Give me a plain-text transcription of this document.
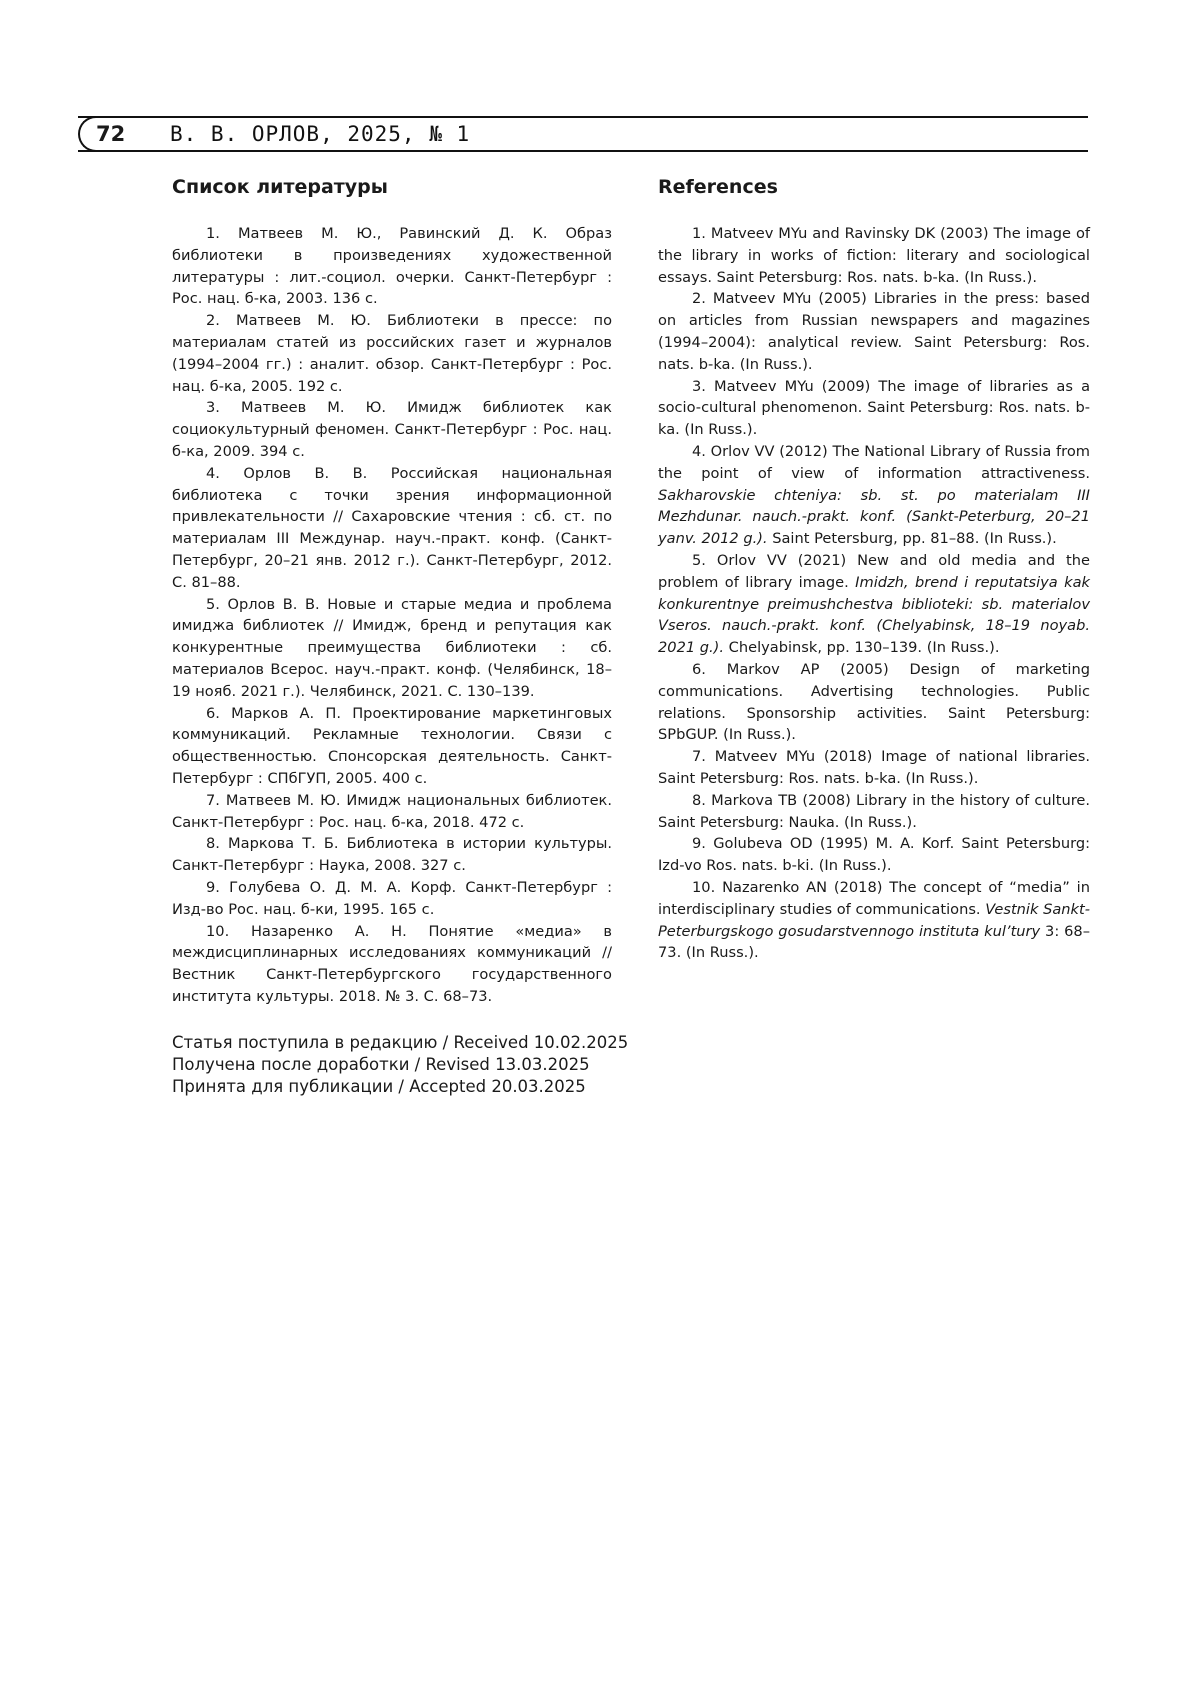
72	В. В. ОРЛОВ, 2025, № 1
Список литературы

1. Матвеев М. Ю., Равинский Д. К. Образ библиотеки в произведениях художественной литературы : лит.-социол. очерки. Санкт-Петербург : Рос. нац. б-ка, 2003. 136 с.

2. Матвеев М. Ю. Библиотеки в прессе: по материалам статей из российских газет и журналов (1994–2004 гг.) : аналит. обзор. Санкт-Петербург : Рос. нац. б-ка, 2005. 192 с.

3. Матвеев М. Ю. Имидж библиотек как социокультурный феномен. Санкт-Петербург : Рос. нац. б-ка, 2009. 394 с.

4. Орлов В. В. Российская национальная библиотека с точки зрения информационной привлекательности // Сахаровские чтения : сб. ст. по материалам III Междунар. науч.-практ. конф. (Санкт-Петербург, 20–21 янв. 2012 г.). Санкт-Петербург, 2012. С. 81–88.

5. Орлов В. В. Новые и старые медиа и проблема имиджа библиотек // Имидж, бренд и репутация как конкурентные преимущества библиотеки : сб. материалов Всерос. науч.-практ. конф. (Челябинск, 18–19 нояб. 2021 г.). Челябинск, 2021. С. 130–139.

6. Марков А. П. Проектирование маркетинговых коммуникаций. Рекламные технологии. Связи с общественностью. Спонсорская деятельность. Санкт-Петербург : СПбГУП, 2005. 400 с.

7. Матвеев М. Ю. Имидж национальных библиотек. Санкт-Петербург : Рос. нац. б-ка, 2018. 472 с.

8. Маркова Т. Б. Библиотека в истории культуры. Санкт-Петербург : Наука, 2008. 327 с.

9. Голубева О. Д. М. А. Корф. Санкт-Петербург : Изд-во Рос. нац. б-ки, 1995. 165 с.

10. Назаренко А. Н. Понятие «медиа» в междисциплинарных исследованиях коммуникаций // Вестник Санкт-Петербургского государственного института культуры. 2018. № 3. С. 68–73.

References

1. Matveev MYu and Ravinsky DK (2003) The image of the library in works of fiction: literary and sociological essays. Saint Petersburg: Ros. nats. b-ka. (In Russ.).

2. Matveev MYu (2005) Libraries in the press: based on articles from Russian newspapers and magazines (1994–2004): analytical review. Saint Petersburg: Ros. nats. b-ka. (In Russ.).

3. Matveev MYu (2009) The image of libraries as a socio-cultural phenomenon. Saint Petersburg: Ros. nats. b-ka. (In Russ.).

4. Orlov VV (2012) The National Library of Russia from the point of view of information attractiveness. Sakharovskie chteniya: sb. st. po materialam III Mezhdunar. nauch.-prakt. konf. (Sankt-Peterburg, 20–21 yanv. 2012 g.). Saint Petersburg, pp. 81–88. (In Russ.).

5. Orlov VV (2021) New and old media and the problem of library image. Imidzh, brend i reputatsiya kak konkurentnye preimushchestva biblioteki: sb. materialov Vseros. nauch.-prakt. konf. (Chelyabinsk, 18–19 noyab. 2021 g.). Chelyabinsk, pp. 130–139. (In Russ.).

6. Markov AP (2005) Design of marketing communications. Advertising technologies. Public relations. Sponsorship activities. Saint Petersburg: SPbGUP. (In Russ.).

7. Matveev MYu (2018) Image of national libraries. Saint Petersburg: Ros. nats. b-ka. (In Russ.).

8. Markova TB (2008) Library in the history of culture. Saint Petersburg: Nauka. (In Russ.).

9. Golubeva OD (1995) M. A. Korf. Saint Petersburg: Izd-vo Ros. nats. b-ki. (In Russ.).

10. Nazarenko AN (2018) The concept of “media” in interdisciplinary studies of communications. Vestnik Sankt-Peterburgskogo gosudarstvennogo instituta kul’tury 3: 68–73. (In Russ.).

Статья поступила в редакцию / Received 10.02.2025
Получена после доработки / Revised 13.03.2025
Принята для публикации / Accepted 20.03.2025
